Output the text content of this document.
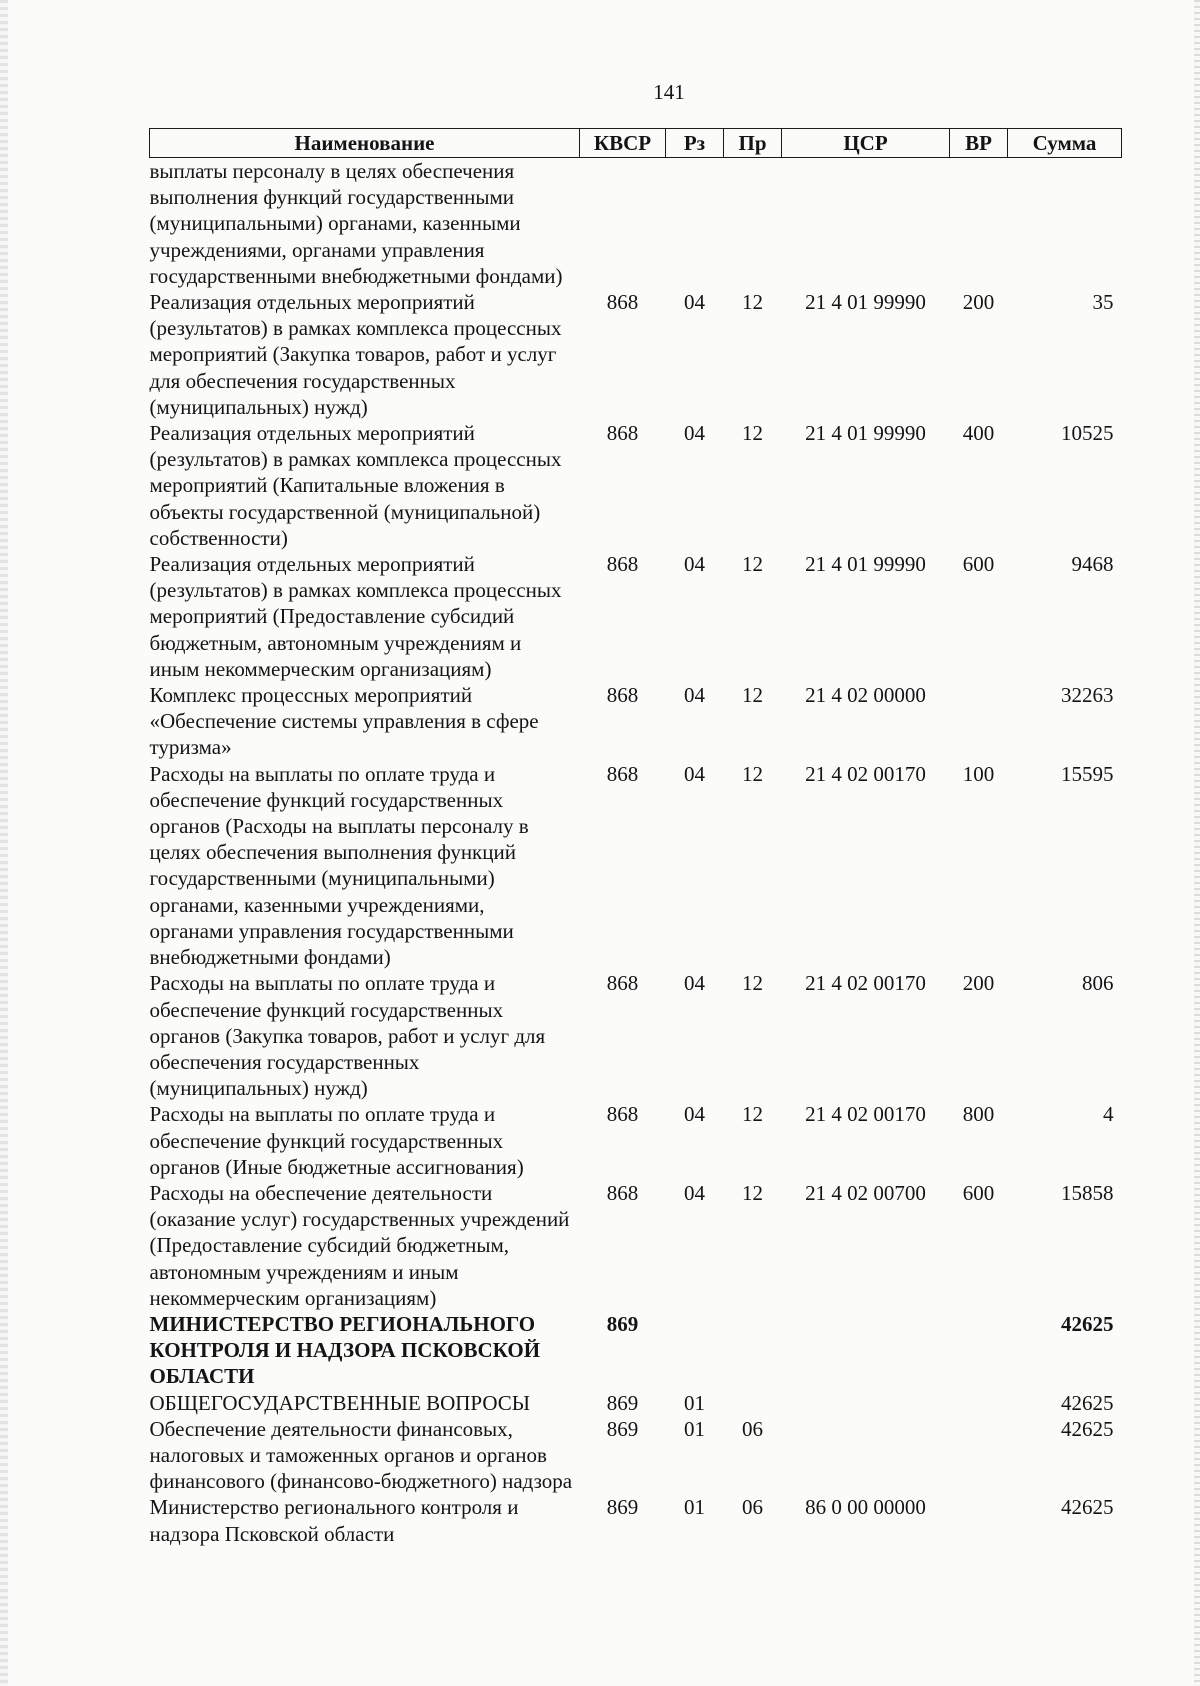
141
Наименование	КВСР	Рз	Пр	ЦСР	ВР	Сумма
выплаты персоналу в целях обеспечения выполнения функций государственными (муниципальными) органами, казенными учреждениями, органами управления государственными внебюджетными фондами)						
Реализация отдельных мероприятий (результатов) в рамках комплекса процессных мероприятий (Закупка товаров, работ и услуг для обеспечения государственных (муниципальных) нужд)	868	04	12	21 4 01 99990	200	35
Реализация отдельных мероприятий (результатов) в рамках комплекса процессных мероприятий (Капитальные вложения в объекты государственной (муниципальной) собственности)	868	04	12	21 4 01 99990	400	10525
Реализация отдельных мероприятий (результатов) в рамках комплекса процессных мероприятий (Предоставление субсидий бюджетным, автономным учреждениям и иным некоммерческим организациям)	868	04	12	21 4 01 99990	600	9468
Комплекс процессных мероприятий «Обеспечение системы управления в сфере туризма»	868	04	12	21 4 02 00000		32263
Расходы на выплаты по оплате труда и обеспечение функций государственных органов (Расходы на выплаты персоналу в целях обеспечения выполнения функций государственными (муниципальными) органами, казенными учреждениями, органами управления государственными внебюджетными фондами)	868	04	12	21 4 02 00170	100	15595
Расходы на выплаты по оплате труда и обеспечение функций государственных органов (Закупка товаров, работ и услуг для обеспечения государственных (муниципальных) нужд)	868	04	12	21 4 02 00170	200	806
Расходы на выплаты по оплате труда и обеспечение функций государственных органов (Иные бюджетные ассигнования)	868	04	12	21 4 02 00170	800	4
Расходы на обеспечение деятельности (оказание услуг) государственных учреждений (Предоставление субсидий бюджетным, автономным учреждениям и иным некоммерческим организациям)	868	04	12	21 4 02 00700	600	15858
МИНИСТЕРСТВО РЕГИОНАЛЬНОГО КОНТРОЛЯ И НАДЗОРА ПСКОВСКОЙ ОБЛАСТИ	869					42625
ОБЩЕГОСУДАРСТВЕННЫЕ ВОПРОСЫ	869	01				42625
Обеспечение деятельности финансовых, налоговых и таможенных органов и органов финансового (финансово-бюджетного) надзора	869	01	06			42625
Министерство регионального контроля и надзора Псковской области	869	01	06	86 0 00 00000		42625
